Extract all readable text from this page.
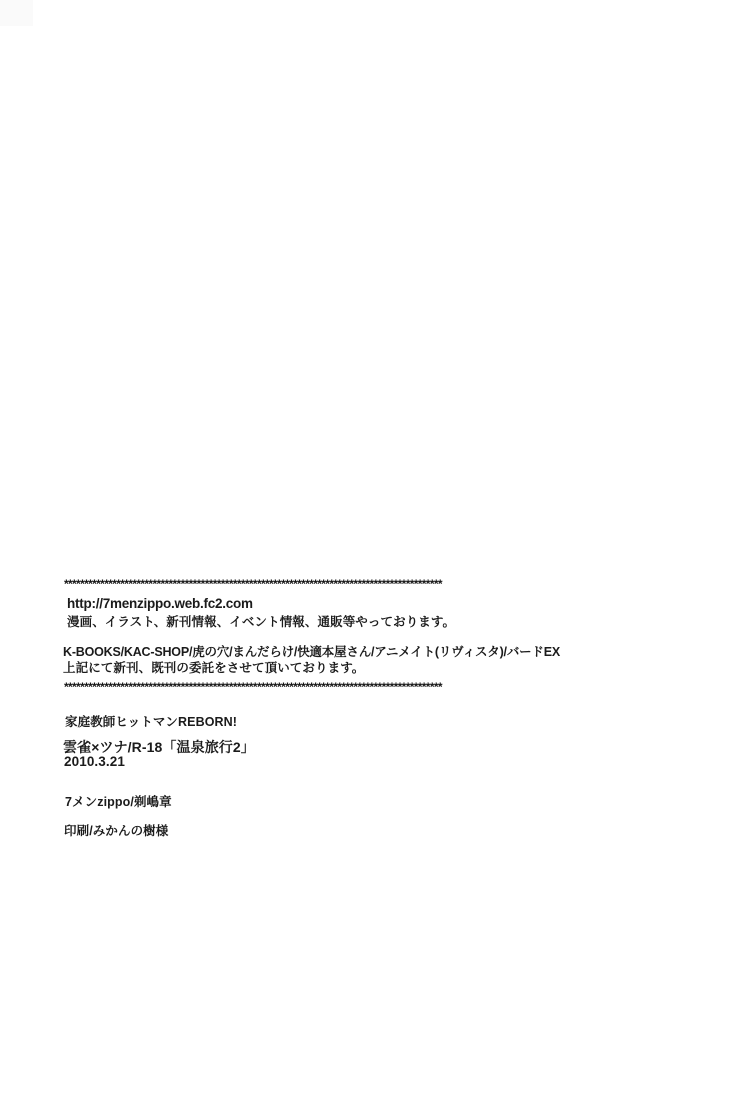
**********************************************************************************************
http://7menzippo.web.fc2.com
漫画、イラスト、新刊情報、イベント情報、通販等やっております。
K-BOOKS/KAC-SHOP/虎の穴/まんだらけ/快適本屋さん/アニメイト(リヴィスタ)/バードEX
上記にて新刊、既刊の委託をさせて頂いております。
**********************************************************************************************
家庭教師ヒットマンREBORN!
雲雀×ツナ/R-18「温泉旅行2」
2010.3.21
7メンzippo/剃嶋章
印刷/みかんの樹様
